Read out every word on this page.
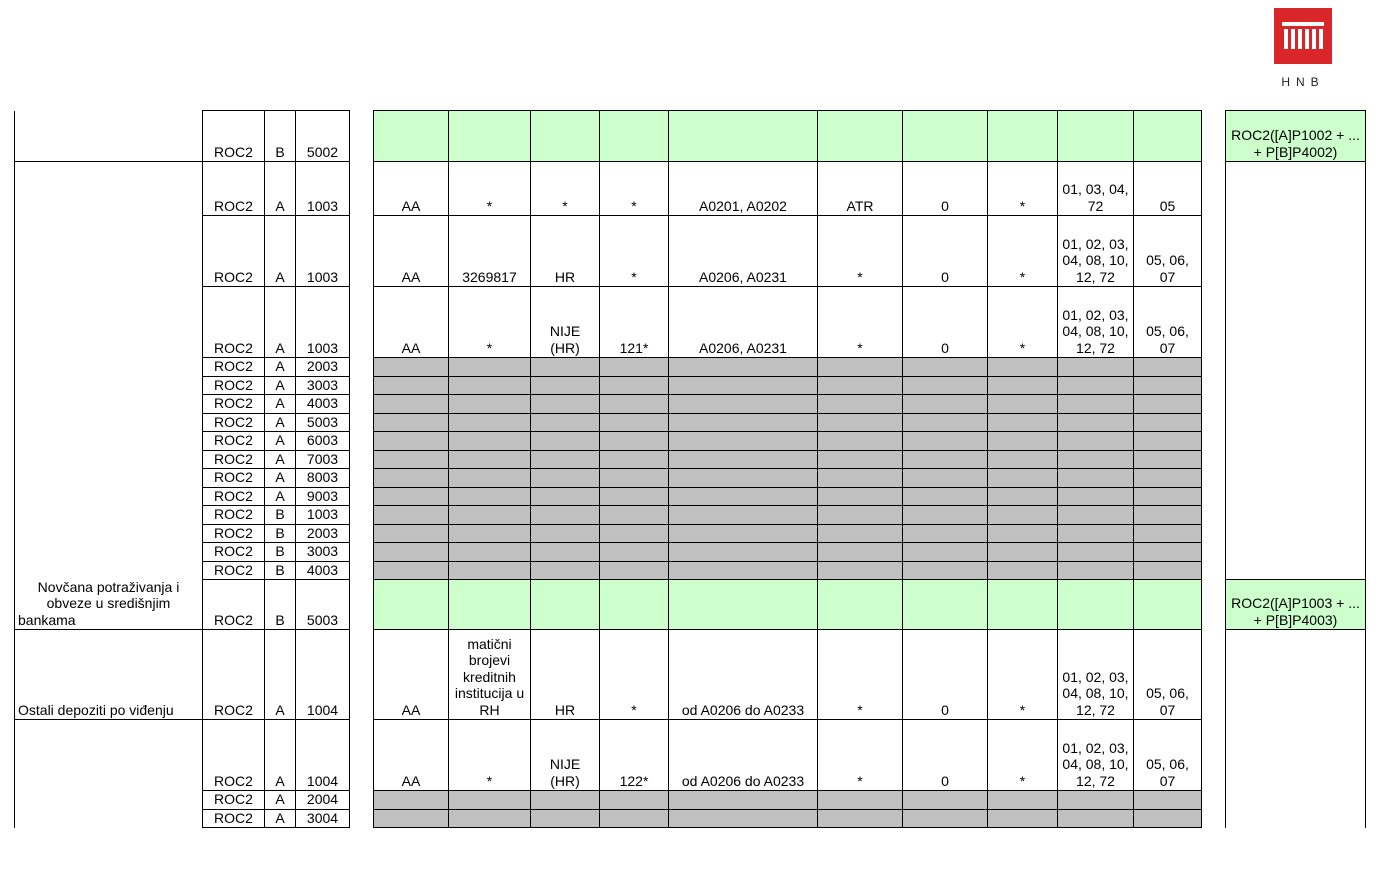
HNB
	ROC2	B	5002													ROC2([A]P1002 + ... + P[B]P4002)
Novčana potraživanja i obveze u središnjim bankama	ROC2	A	1003		AA	*	*	*	A0201, A0202	ATR	0	*	01, 03, 04, 72	05		
	ROC2	A	1003		AA	3269817	HR	*	A0206, A0231	*	0	*	01, 02, 03, 04, 08, 10, 12, 72	05, 06, 07		
	ROC2	A	1003		AA	*	NIJE (HR)	121*	A0206, A0231	*	0	*	01, 02, 03, 04, 08, 10, 12, 72	05, 06, 07		
	ROC2	A	2003													
	ROC2	A	3003													
	ROC2	A	4003													
	ROC2	A	5003													
	ROC2	A	6003													
	ROC2	A	7003													
	ROC2	A	8003													
	ROC2	A	9003													
	ROC2	B	1003													
	ROC2	B	2003													
	ROC2	B	3003													
	ROC2	B	4003													
	ROC2	B	5003													ROC2([A]P1003 + ... + P[B]P4003)
Ostali depoziti po viđenju	ROC2	A	1004		AA	matični brojevi kreditnih institucija u RH	HR	*	od A0206 do A0233	*	0	*	01, 02, 03, 04, 08, 10, 12, 72	05, 06, 07		
	ROC2	A	1004		AA	*	NIJE (HR)	122*	od A0206 do A0233	*	0	*	01, 02, 03, 04, 08, 10, 12, 72	05, 06, 07		
	ROC2	A	2004													
	ROC2	A	3004													
